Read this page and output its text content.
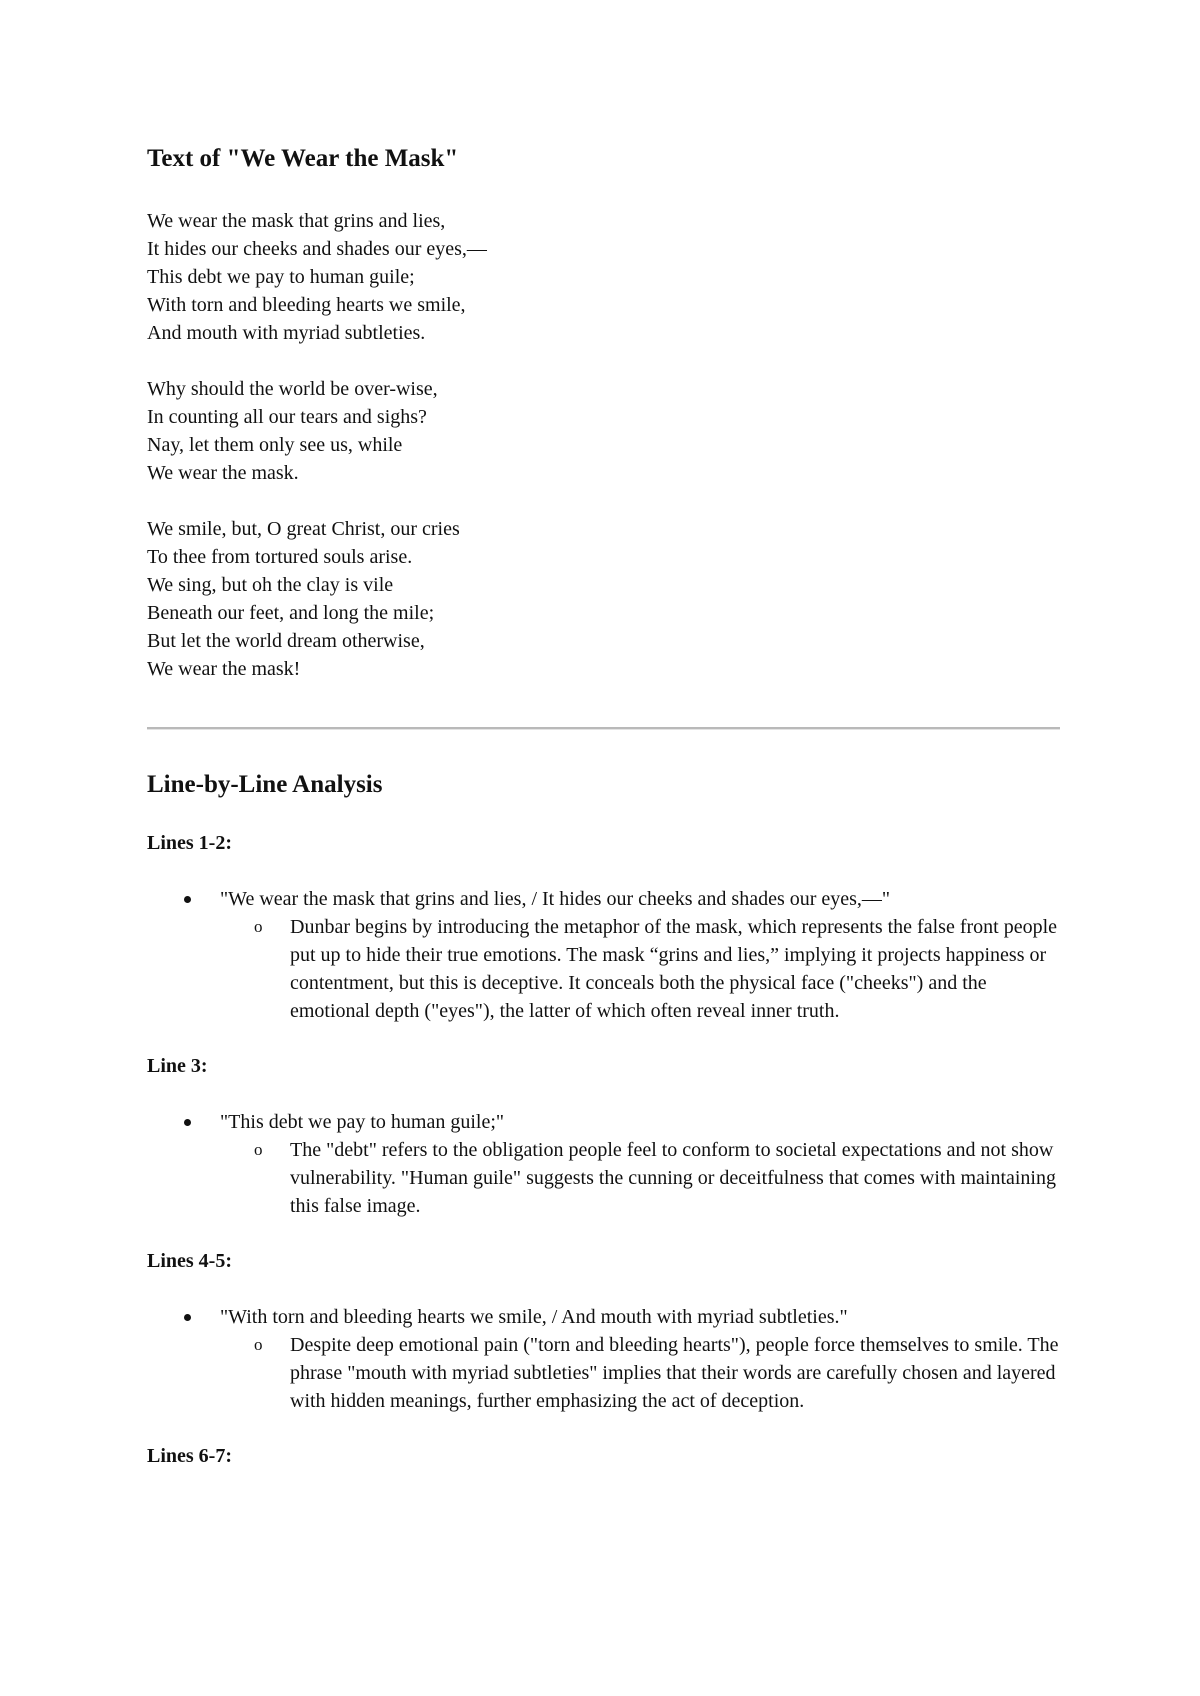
Text of "We Wear the Mask"
We wear the mask that grins and lies,
It hides our cheeks and shades our eyes,—
This debt we pay to human guile;
With torn and bleeding hearts we smile,
And mouth with myriad subtleties.
Why should the world be over-wise,
In counting all our tears and sighs?
Nay, let them only see us, while
We wear the mask.
We smile, but, O great Christ, our cries
To thee from tortured souls arise.
We sing, but oh the clay is vile
Beneath our feet, and long the mile;
But let the world dream otherwise,
We wear the mask!
Line-by-Line Analysis
Lines 1-2:
"We wear the mask that grins and lies, / It hides our cheeks and shades our eyes,—"
o Dunbar begins by introducing the metaphor of the mask, which represents the false front people put up to hide their true emotions. The mask “grins and lies,” implying it projects happiness or contentment, but this is deceptive. It conceals both the physical face ("cheeks") and the emotional depth ("eyes"), the latter of which often reveal inner truth.
Line 3:
"This debt we pay to human guile;"
o The "debt" refers to the obligation people feel to conform to societal expectations and not show vulnerability. "Human guile" suggests the cunning or deceitfulness that comes with maintaining this false image.
Lines 4-5:
"With torn and bleeding hearts we smile, / And mouth with myriad subtleties."
o Despite deep emotional pain ("torn and bleeding hearts"), people force themselves to smile. The phrase "mouth with myriad subtleties" implies that their words are carefully chosen and layered with hidden meanings, further emphasizing the act of deception.
Lines 6-7:
